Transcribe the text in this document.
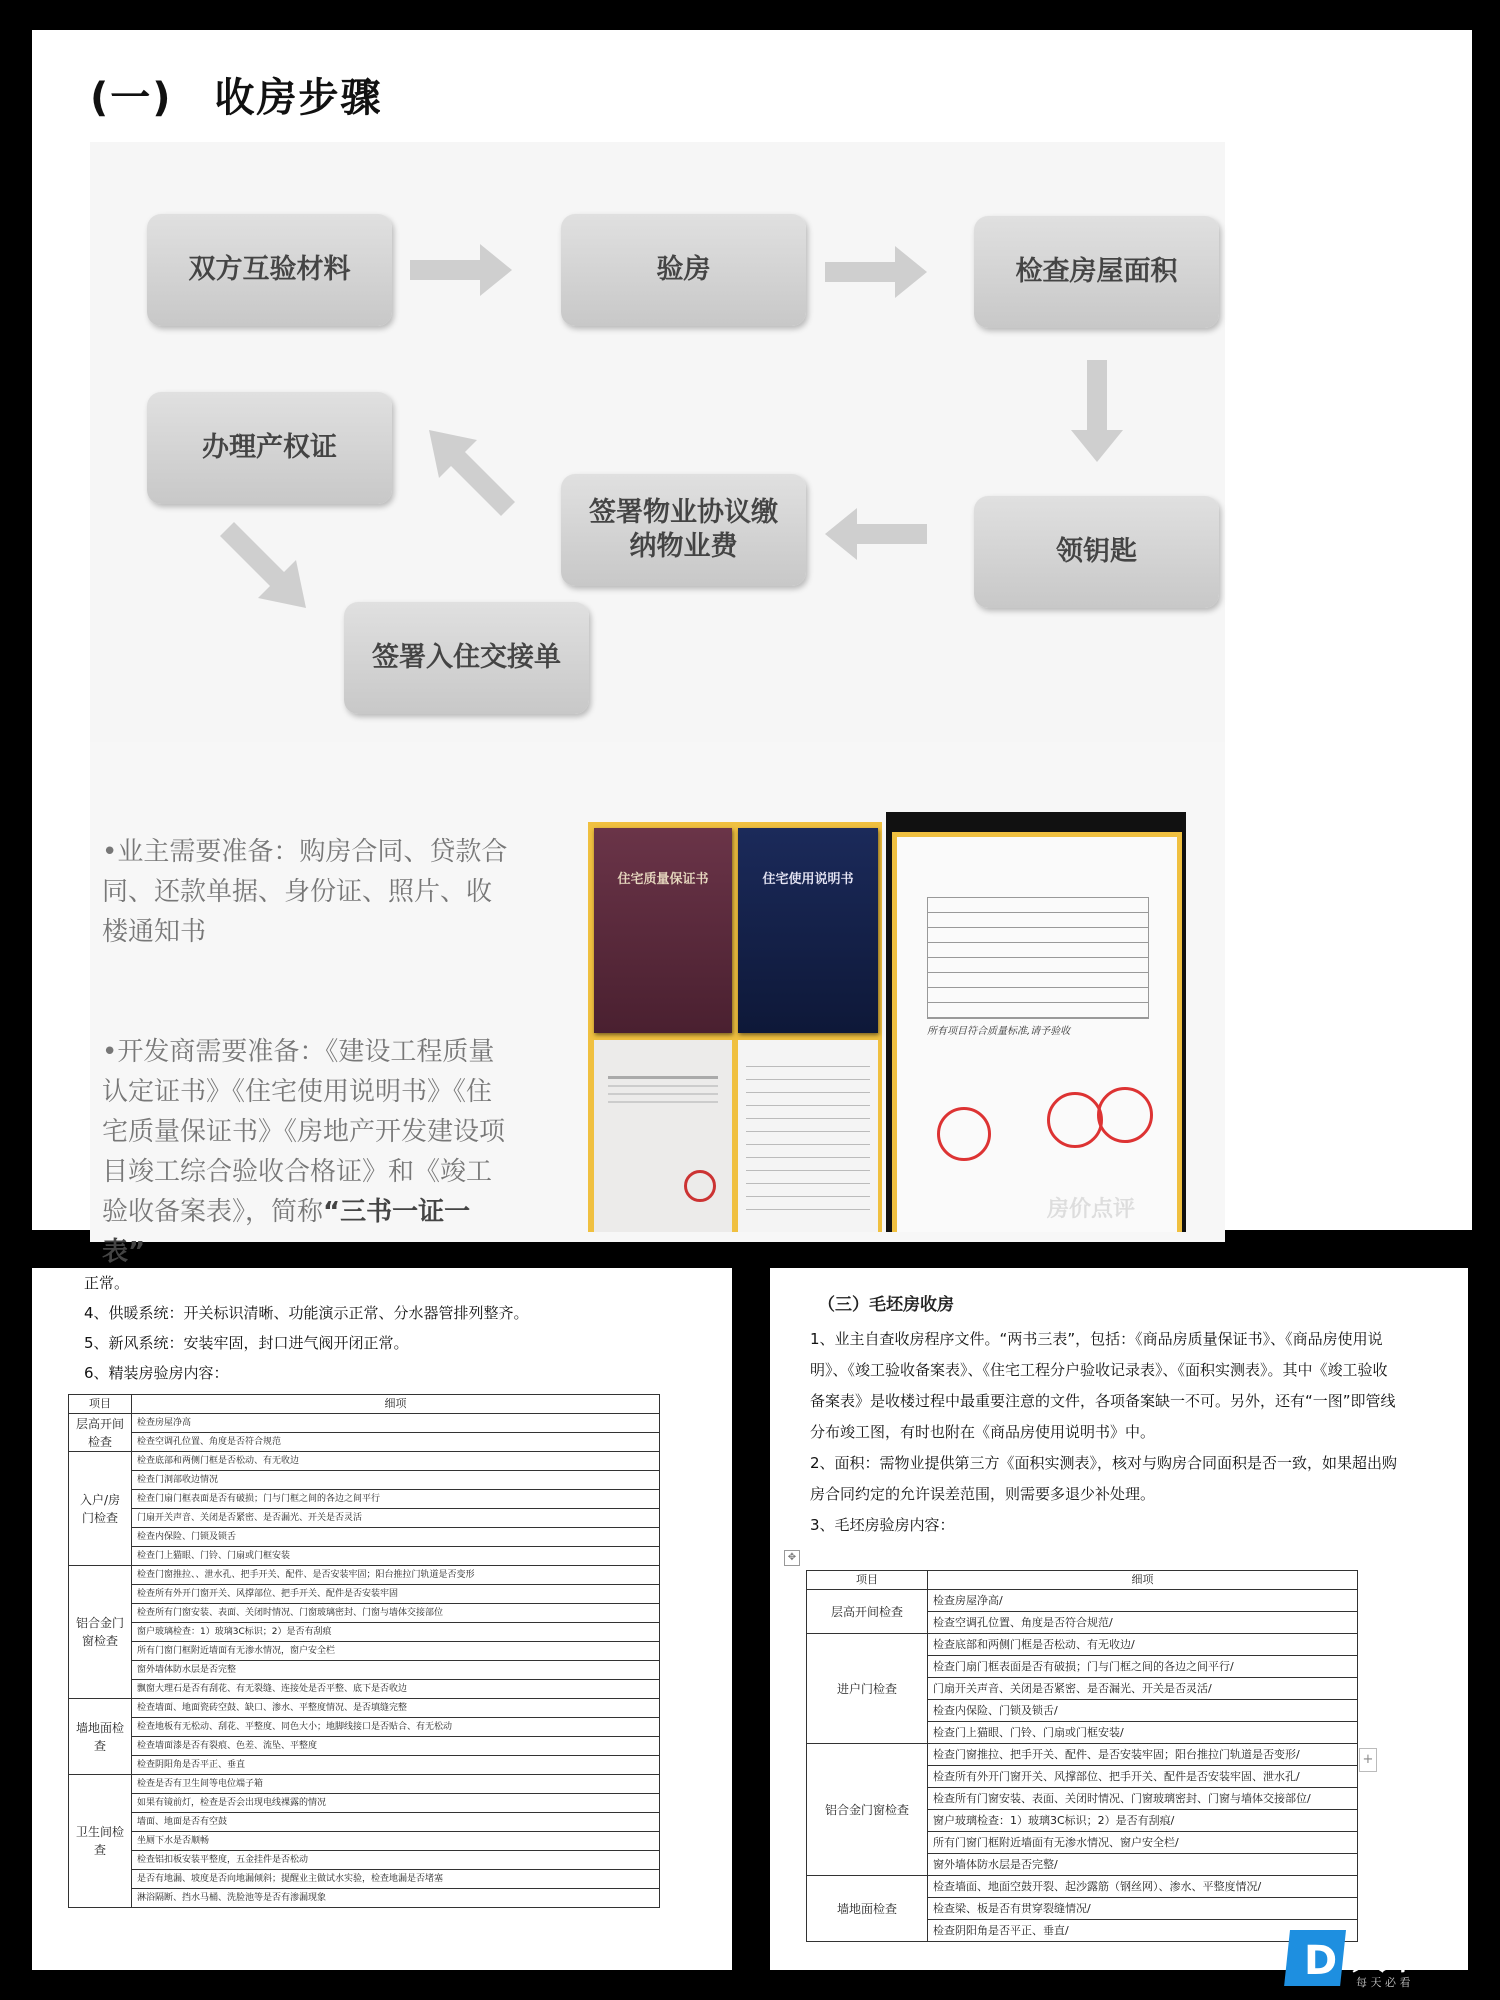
(一)　收房步骤
双方互验材料	验房	检查房屋面积
领钥匙
签署物业协议缴纳物业费
办理产权证
签署入住交接单
•业主需要准备：购房合同、贷款合同、还款单据、身份证、照片、收楼通知书
•开发商需要准备：《建设工程质量认定证书》《住宅使用说明书》《住宅质量保证书》《房地产开发建设项目竣工综合验收合格证》和《竣工验收备案表》，简称“三书一证一表”
住宅质量保证书	住宅使用说明书
所有项目符合质量标准,请予验收
房价点评

正常。

4、供暖系统：开关标识清晰、功能演示正常、分水器管排列整齐。

5、新风系统：安装牢固，封口进气阀开闭正常。

6、精装房验房内容：

项目	细项
层高开间检查	检查房屋净高
	检查空调孔位置、角度是否符合规范
入户/房门检查	检查底部和两侧门框是否松动、有无收边
	检查门洞部收边情况
	检查门扇门框表面是否有破损；门与门框之间的各边之间平行
	门扇开关声音、关闭是否紧密、是否漏光、开关是否灵活
	检查内保险、门锁及锁舌
	检查门上猫眼、门铃、门扇或门框安装
铝合金门窗检查	检查门窗推拉、、泄水孔、把手开关、配件、是否安装牢固；阳台推拉门轨道是否变形
	检查所有外开门窗开关、风撑部位、把手开关、配件是否安装牢固
	检查所有门窗安装、表面、关闭时情况、门窗玻璃密封、门窗与墙体交接部位
	窗户玻璃检查：1）玻璃3C标识；2）是否有刮痕
	所有门窗门框附近墙面有无渗水情况，窗户安全栏
	窗外墙体防水层是否完整
	飘窗大理石是否有刮花、有无裂缝、连接处是否平整、底下是否收边
墙地面检查	检查墙面、地面瓷砖空鼓、缺口、渗水、平整度情况、是否填缝完整
	检查地板有无松动、刮花、平整度、同色大小；地脚线接口是否贴合、有无松动
	检查墙面漆是否有裂痕、色差、流坠、平整度
	检查阴阳角是否平正、垂直
卫生间检查	检查是否有卫生间等电位端子箱
	如果有镜前灯，检查是否会出现电线裸露的情况
	墙面、地面是否有空鼓
	坐厕下水是否顺畅
	检查铝扣板安装平整度，五金挂件是否松动
	是否有地漏、坡度是否向地漏倾斜；提醒业主做试水实验，检查地漏是否堵塞
	淋浴隔断、挡水马桶、洗脸池等是否有渗漏现象
（三）毛坯房收房

1、业主自查收房程序文件。“两书三表”，包括：《商品房质量保证书》、《商品房使用说明》、《竣工验收备案表》、《住宅工程分户验收记录表》、《面积实测表》。其中《竣工验收备案表》是收楼过程中最重要注意的文件，各项备案缺一不可。另外，还有“一图”即管线分布竣工图，有时也附在《商品房使用说明书》中。

2、面积：需物业提供第三方《面积实测表》，核对与购房合同面积是否一致，如果超出购房合同约定的允许误差范围，则需要多退少补处理。

3、毛坯房验房内容：

✥
项目	细项
层高开间检查	检查房屋净高/
	检查空调孔位置、角度是否符合规范/
进户门检查	检查底部和两侧门框是否松动、有无收边/
	检查门扇门框表面是否有破损；门与门框之间的各边之间平行/
	门扇开关声音、关闭是否紧密、是否漏光、开关是否灵活/
	检查内保险、门锁及锁舌/
	检查门上猫眼、门铃、门扇或门框安装/
铝合金门窗检查	检查门窗推拉、把手开关、配件、是否安装牢固；阳台推拉门轨道是否变形/
	检查所有外开门窗开关、风撑部位、把手开关、配件是否安装牢固、泄水孔/
	检查所有门窗安装、表面、关闭时情况、门窗玻璃密封、门窗与墙体交接部位/
	窗户玻璃检查：1）玻璃3C标识；2）是否有刮痕/
	所有门窗门框附近墙面有无渗水情况、窗户安全栏/
	窗外墙体防水层是否完整/
墙地面检查	检查墙面、地面空鼓开裂、起沙露筋（钢丝网）、渗水、平整度情况/
	检查梁、板是否有贯穿裂缝情况/
	检查阴阳角是否平正、垂直/
+
D 大章丘
每 天 必 看
